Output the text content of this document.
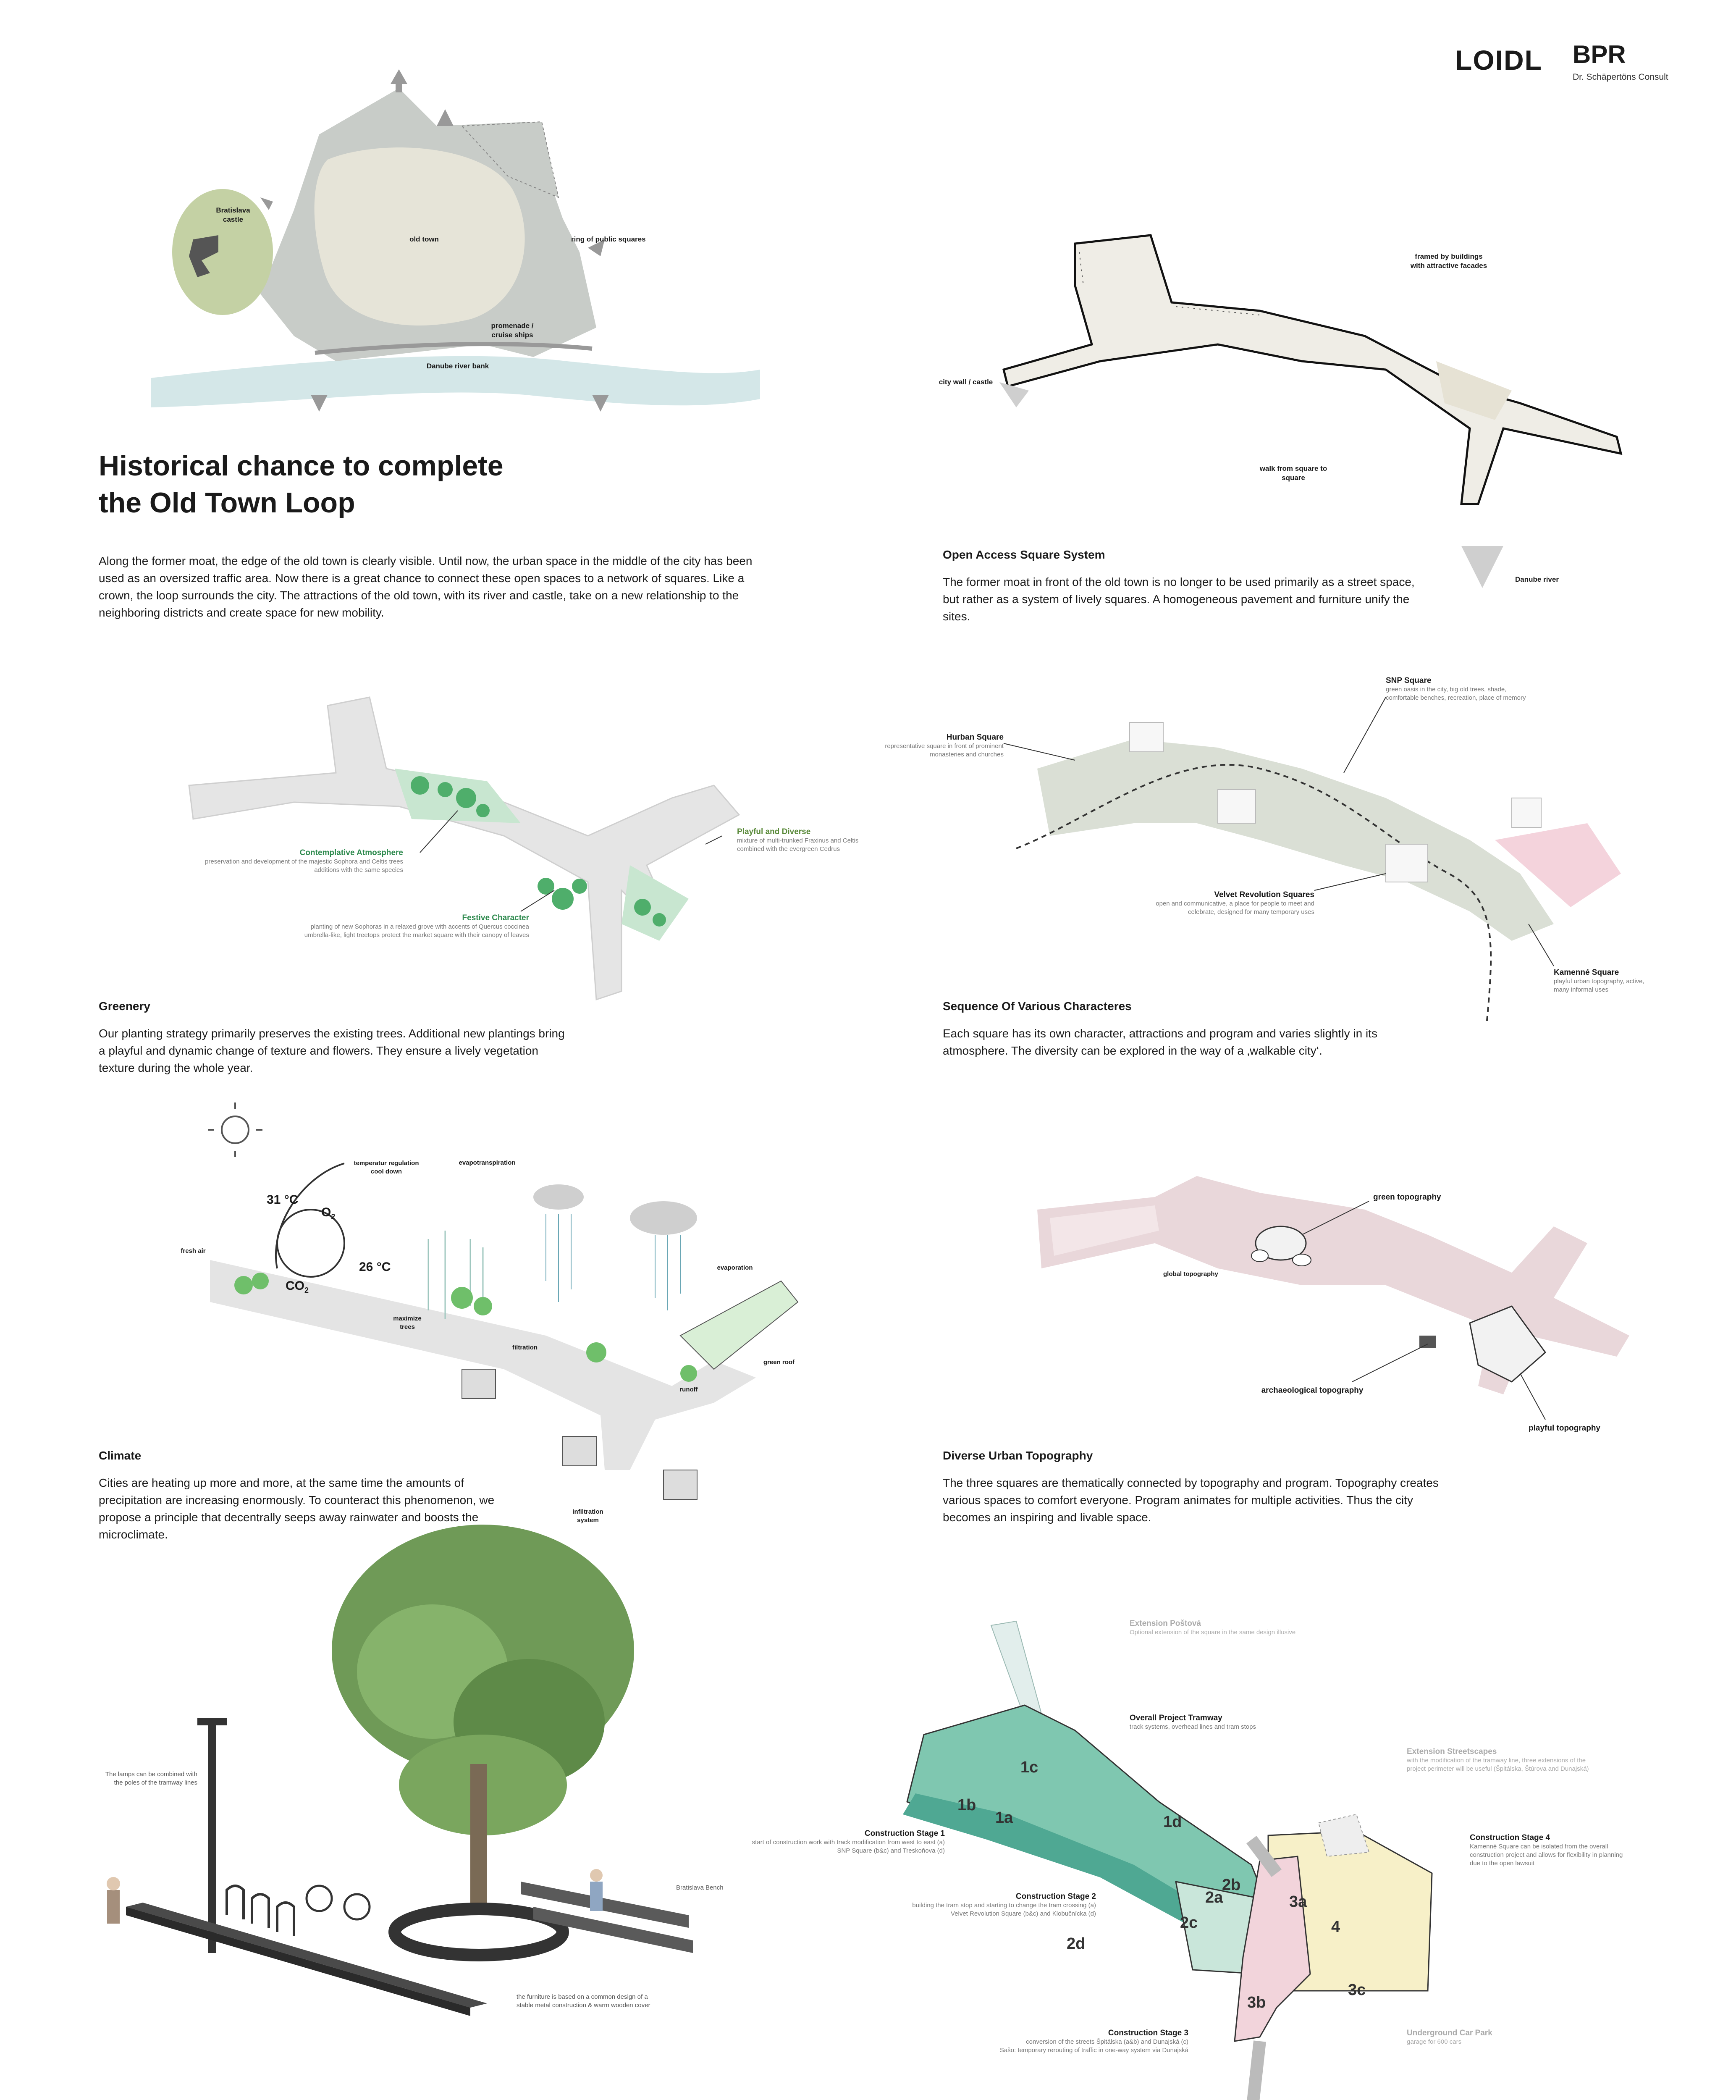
LOIDL BPR
Dr. Schäpertöns Consult
Bratislava
castle
old town	ring of public squares
promenade /
cruise ships
Danube river bank
framed by buildings
with attractive facades
city wall / castle
walk from square to
square
Danube river

Historical chance to complete
the Old Town Loop

Along the former moat, the edge of the old town is clearly visible. Until now, the urban space in the middle of the city has been used as an oversized traffic area. Now there is a great chance to connect these open spaces to a network of squares. Like a crown, the loop surrounds the city. The attractions of the old town, with its river and castle, take on a new relationship to the neighboring districts and create space for new mobility.

Open Access Square System

The former moat in front of the old town is no longer to be used primarily as a street space, but rather as a system of lively squares. A homogeneous pavement and furniture unify the sites.

Contemplative Atmosphere
preservation and development of the majestic Sophora and Celtis trees
additions with the same species
Playful and Diverse
mixture of multi-trunked Fraxinus and Celtis
combined with the evergreen Cedrus
Festive Character
planting of new Sophoras in a relaxed grove with accents of Quercus coccinea
umbrella-like, light treetops protect the market square with their canopy of leaves

Greenery

Our planting strategy primarily preserves the existing trees. Additional new plantings bring a playful and dynamic change of texture and flowers. They ensure a lively vegetation texture during the whole year.

SNP Square
green oasis in the city, big old trees, shade,
comfortable benches, recreation, place of memory
Hurban Square
representative square in front of prominent
monasteries and churches
Velvet Revolution Squares
open and communicative, a place for people to meet and
celebrate, designed for many temporary uses
Kamenné Square
playful urban topography, active,
many informal uses

Sequence Of Various Characteres

Each square has its own character, attractions and program and varies slightly in its atmosphere. The diversity can be explored in the way of a ‚walkable city‘.

temperatur regulation
cool down
evapotranspiration
31 °C
$O_2$
26 °C
$CO_2$
fresh air
maximize
trees
filtration
evaporation
green roof
runoff
infiltration
system

Climate

Cities are heating up more and more, at the same time the amounts of precipitation are increasing enormously. To counteract this phenomenon, we propose a principle that decentrally seeps away rainwater and boosts the microclimate.

green topography
global topography
archaeological topography
playful topography

Diverse Urban Topography

The three squares are thematically connected by topography and program. Topography creates various spaces to comfort everyone. Program animates for multiple activities. Thus the city becomes an inspiring and livable space.

The lamps can be combined with
the poles of the tramway lines
Bratislava Bench
the furniture is based on a common design of a
stable metal construction & warm wooden cover
1c
1b
1a	1d
2b
2a
2c
2d
3a
4
3c
3b
Extension Poštová
Optional extension of the square in the same design illusive
Overall Project Tramway
track systems, overhead lines and tram stops
Extension Streetscapes
with the modification of the tramway line, three extensions of the
project perimeter will be useful (Špitálska, Štúrova and Dunajská)
Construction Stage 1
start of construction work with track modification from west to east (a)
SNP Square (b&c) and Treskoňova (d)
Construction Stage 4
Kamenné Square can be isolated from the overall
construction project and allows for flexibility in planning
due to the open lawsuit
Construction Stage 2
building the tram stop and starting to change the tram crossing (a)
Velvet Revolution Square (b&c) and Klobučnícka (d)
Construction Stage 3
conversion of the streets Špitálska (a&b) and Dunajská (c)
Sašo: temporary rerouting of traffic in one-way system via Dunajská
Underground Car Park
garage for 600 cars
